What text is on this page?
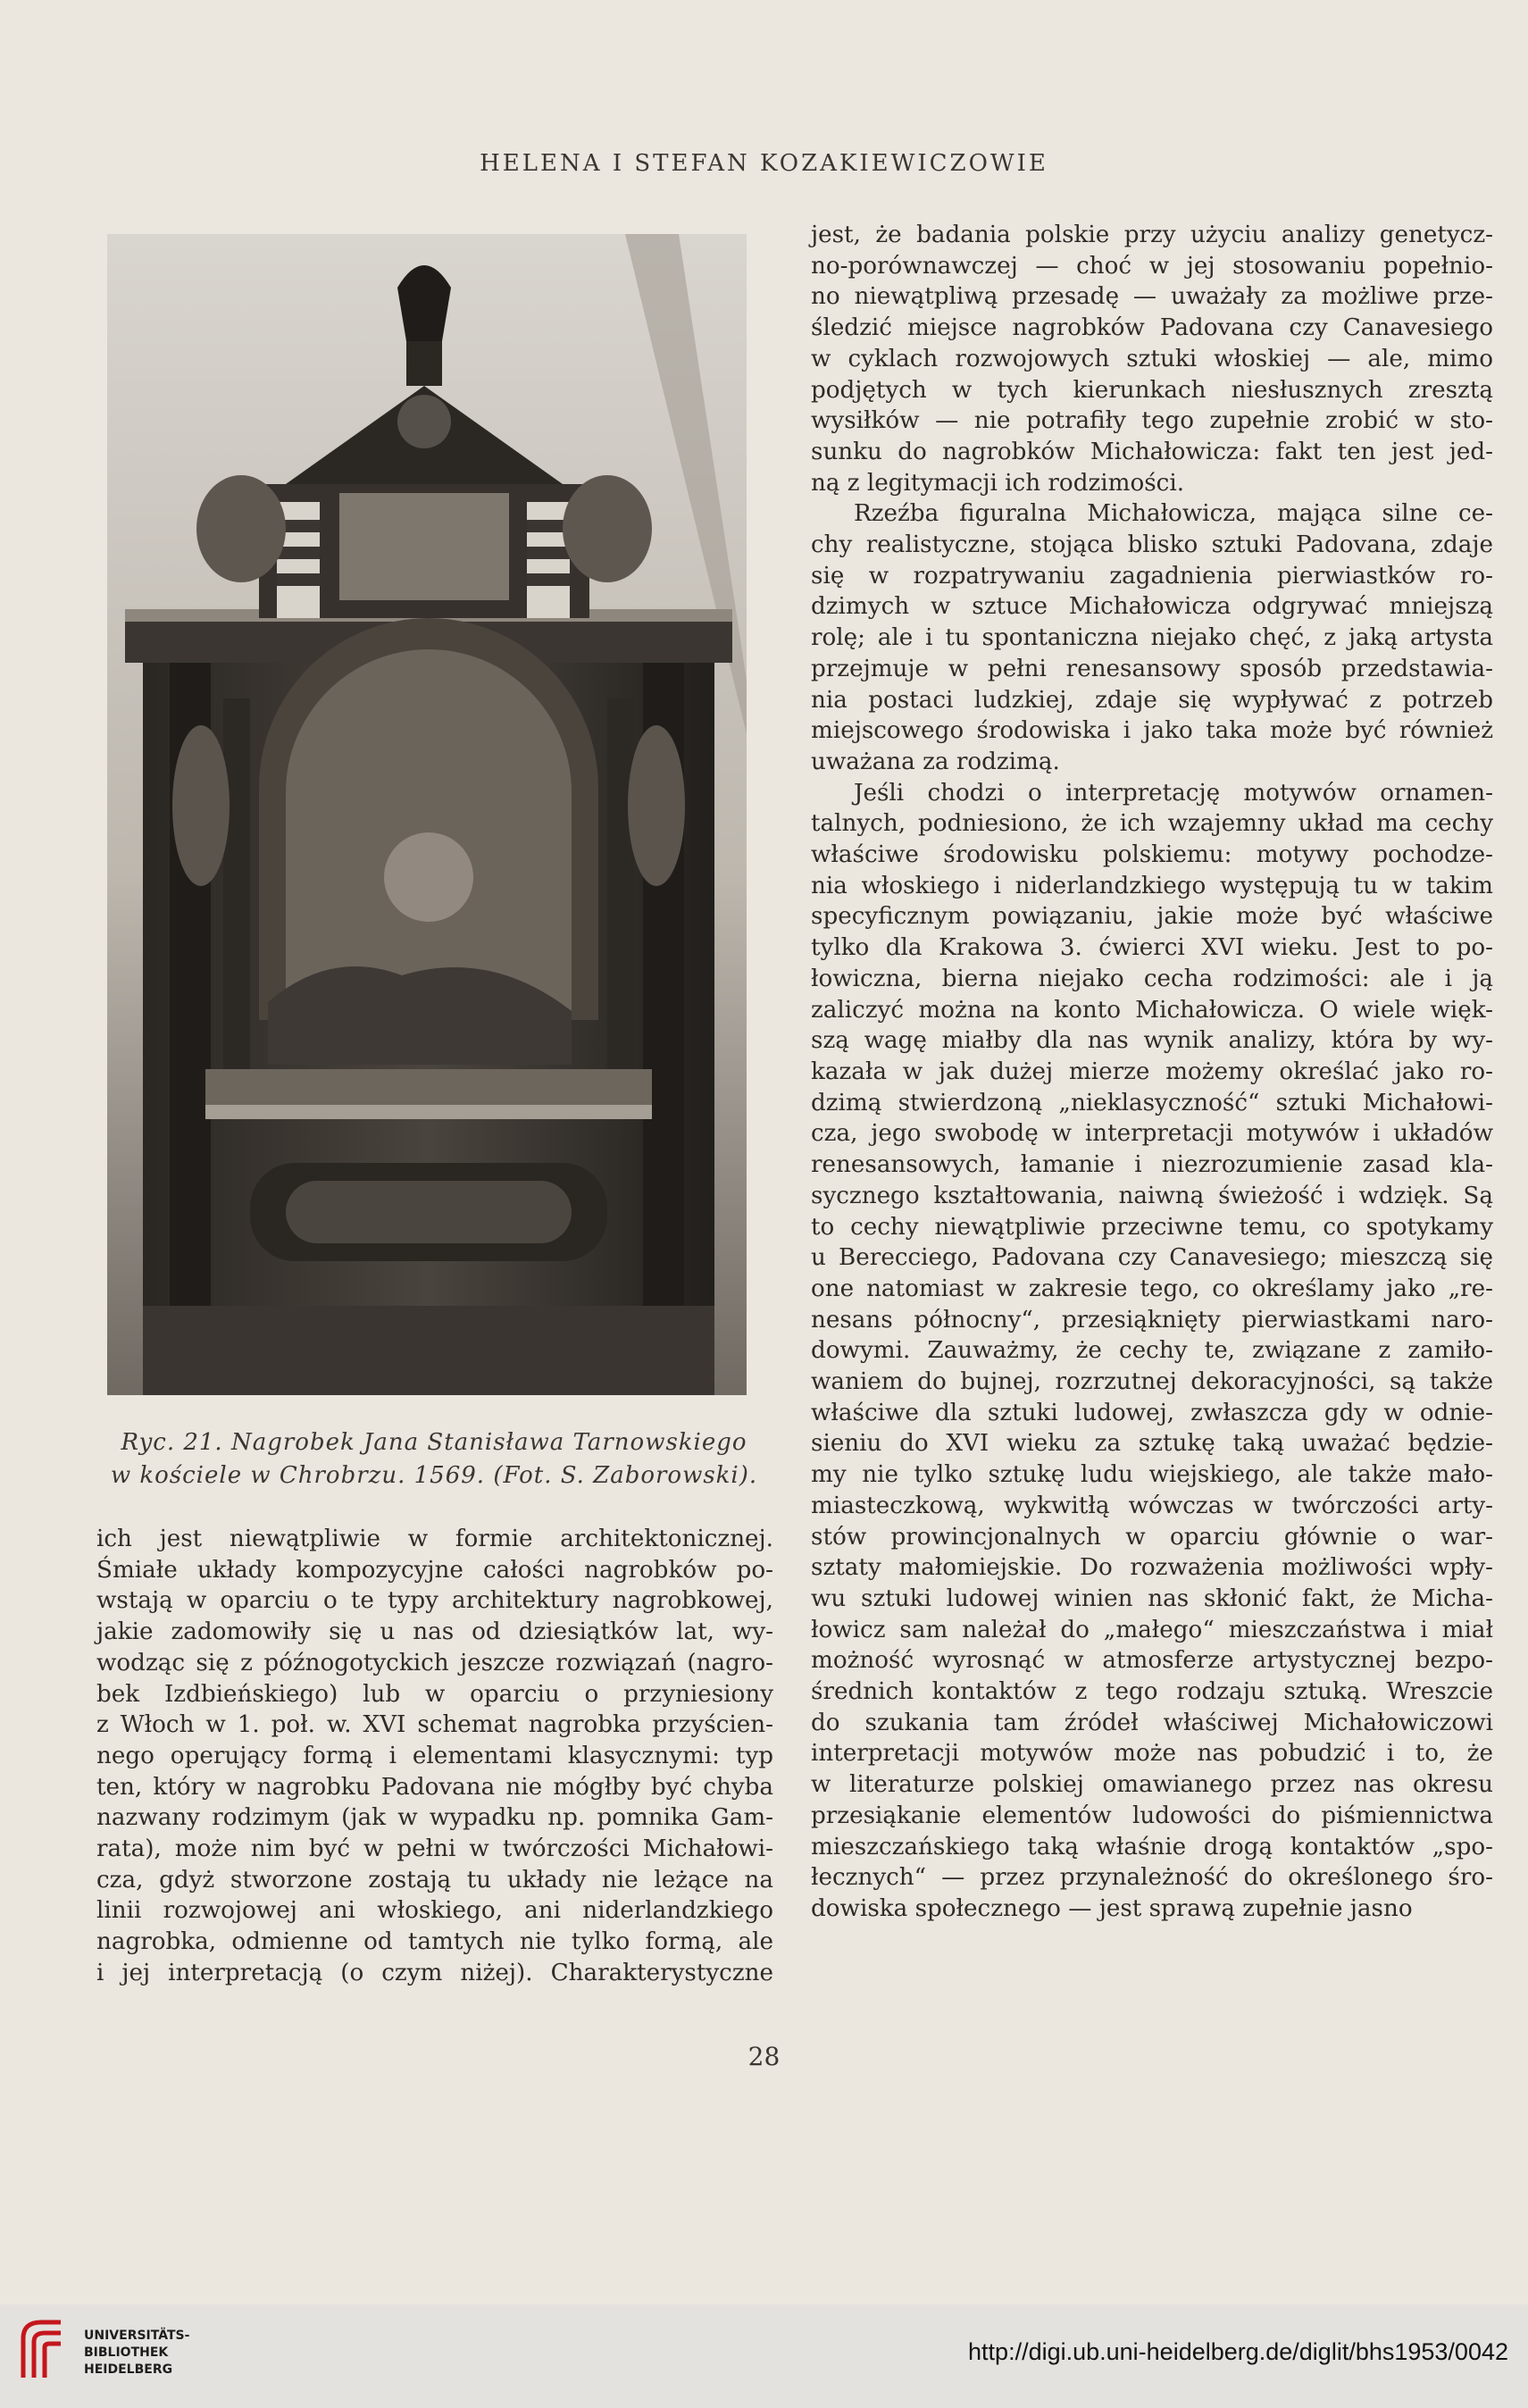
HELENA I STEFAN KOZAKIEWICZOWIE
Ryc. 21. Nagrobek Jana Stanisława Tarnowskiego
w kościele w Chrobrzu. 1569. (Fot. S. Zaborowski).
ich jest niewątpliwie w formie architektonicznej.
Śmiałe układy kompozycyjne całości nagrobków po-
wstają w oparciu o te typy architektury nagrobkowej,
jakie zadomowiły się u nas od dziesiątków lat, wy-
wodząc się z późnogotyckich jeszcze rozwiązań (nagro-
bek Izdbieńskiego) lub w oparciu o przyniesiony
z Włoch w 1. poł. w. XVI schemat nagrobka przyścien-
nego operujący formą i elementami klasycznymi: typ
ten, który w nagrobku Padovana nie mógłby być chyba
nazwany rodzimym (jak w wypadku np. pomnika Gam-
rata), może nim być w pełni w twórczości Michałowi-
cza, gdyż stworzone zostają tu układy nie leżące na
linii rozwojowej ani włoskiego, ani niderlandzkiego
nagrobka, odmienne od tamtych nie tylko formą, ale
i jej interpretacją (o czym niżej). Charakterystyczne
jest, że badania polskie przy użyciu analizy genetycz-
no-porównawczej — choć w jej stosowaniu popełnio-
no niewątpliwą przesadę — uważały za możliwe prze-
śledzić miejsce nagrobków Padovana czy Canavesiego
w cyklach rozwojowych sztuki włoskiej — ale, mimo
podjętych w tych kierunkach niesłusznych zresztą
wysiłków — nie potrafiły tego zupełnie zrobić w sto-
sunku do nagrobków Michałowicza: fakt ten jest jed-
ną z legitymacji ich rodzimości.
Rzeźba figuralna Michałowicza, mająca silne ce-
chy realistyczne, stojąca blisko sztuki Padovana, zdaje
się w rozpatrywaniu zagadnienia pierwiastków ro-
dzimych w sztuce Michałowicza odgrywać mniejszą
rolę; ale i tu spontaniczna niejako chęć, z jaką artysta
przejmuje w pełni renesansowy sposób przedstawia-
nia postaci ludzkiej, zdaje się wypływać z potrzeb
miejscowego środowiska i jako taka może być również
uważana za rodzimą.
Jeśli chodzi o interpretację motywów ornamen-
talnych, podniesiono, że ich wzajemny układ ma cechy
właściwe środowisku polskiemu: motywy pochodze-
nia włoskiego i niderlandzkiego występują tu w takim
specyficznym powiązaniu, jakie może być właściwe
tylko dla Krakowa 3. ćwierci XVI wieku. Jest to po-
łowiczna, bierna niejako cecha rodzimości: ale i ją
zaliczyć można na konto Michałowicza. O wiele więk-
szą wagę miałby dla nas wynik analizy, która by wy-
kazała w jak dużej mierze możemy określać jako ro-
dzimą stwierdzoną „nieklasyczność“ sztuki Michałowi-
cza, jego swobodę w interpretacji motywów i układów
renesansowych, łamanie i niezrozumienie zasad kla-
sycznego kształtowania, naiwną świeżość i wdzięk. Są
to cechy niewątpliwie przeciwne temu, co spotykamy
u Berecciego, Padovana czy Canavesiego; mieszczą się
one natomiast w zakresie tego, co określamy jako „re-
nesans północny“, przesiąknięty pierwiastkami naro-
dowymi. Zauważmy, że cechy te, związane z zamiło-
waniem do bujnej, rozrzutnej dekoracyjności, są także
właściwe dla sztuki ludowej, zwłaszcza gdy w odnie-
sieniu do XVI wieku za sztukę taką uważać będzie-
my nie tylko sztukę ludu wiejskiego, ale także mało-
miasteczkową, wykwitłą wówczas w twórczości arty-
stów prowincjonalnych w oparciu głównie o war-
sztaty małomiejskie. Do rozważenia możliwości wpły-
wu sztuki ludowej winien nas skłonić fakt, że Micha-
łowicz sam należał do „małego“ mieszczaństwa i miał
możność wyrosnąć w atmosferze artystycznej bezpo-
średnich kontaktów z tego rodzaju sztuką. Wreszcie
do szukania tam źródeł właściwej Michałowiczowi
interpretacji motywów może nas pobudzić i to, że
w literaturze polskiej omawianego przez nas okresu
przesiąkanie elementów ludowości do piśmiennictwa
mieszczańskiego taką właśnie drogą kontaktów „spo-
łecznych“ — przez przynależność do określonego śro-
dowiska społecznego — jest sprawą zupełnie jasno
28
UNIVERSITÄTS-
BIBLIOTHEK
HEIDELBERG
http://digi.ub.uni-heidelberg.de/diglit/bhs1953/0042
